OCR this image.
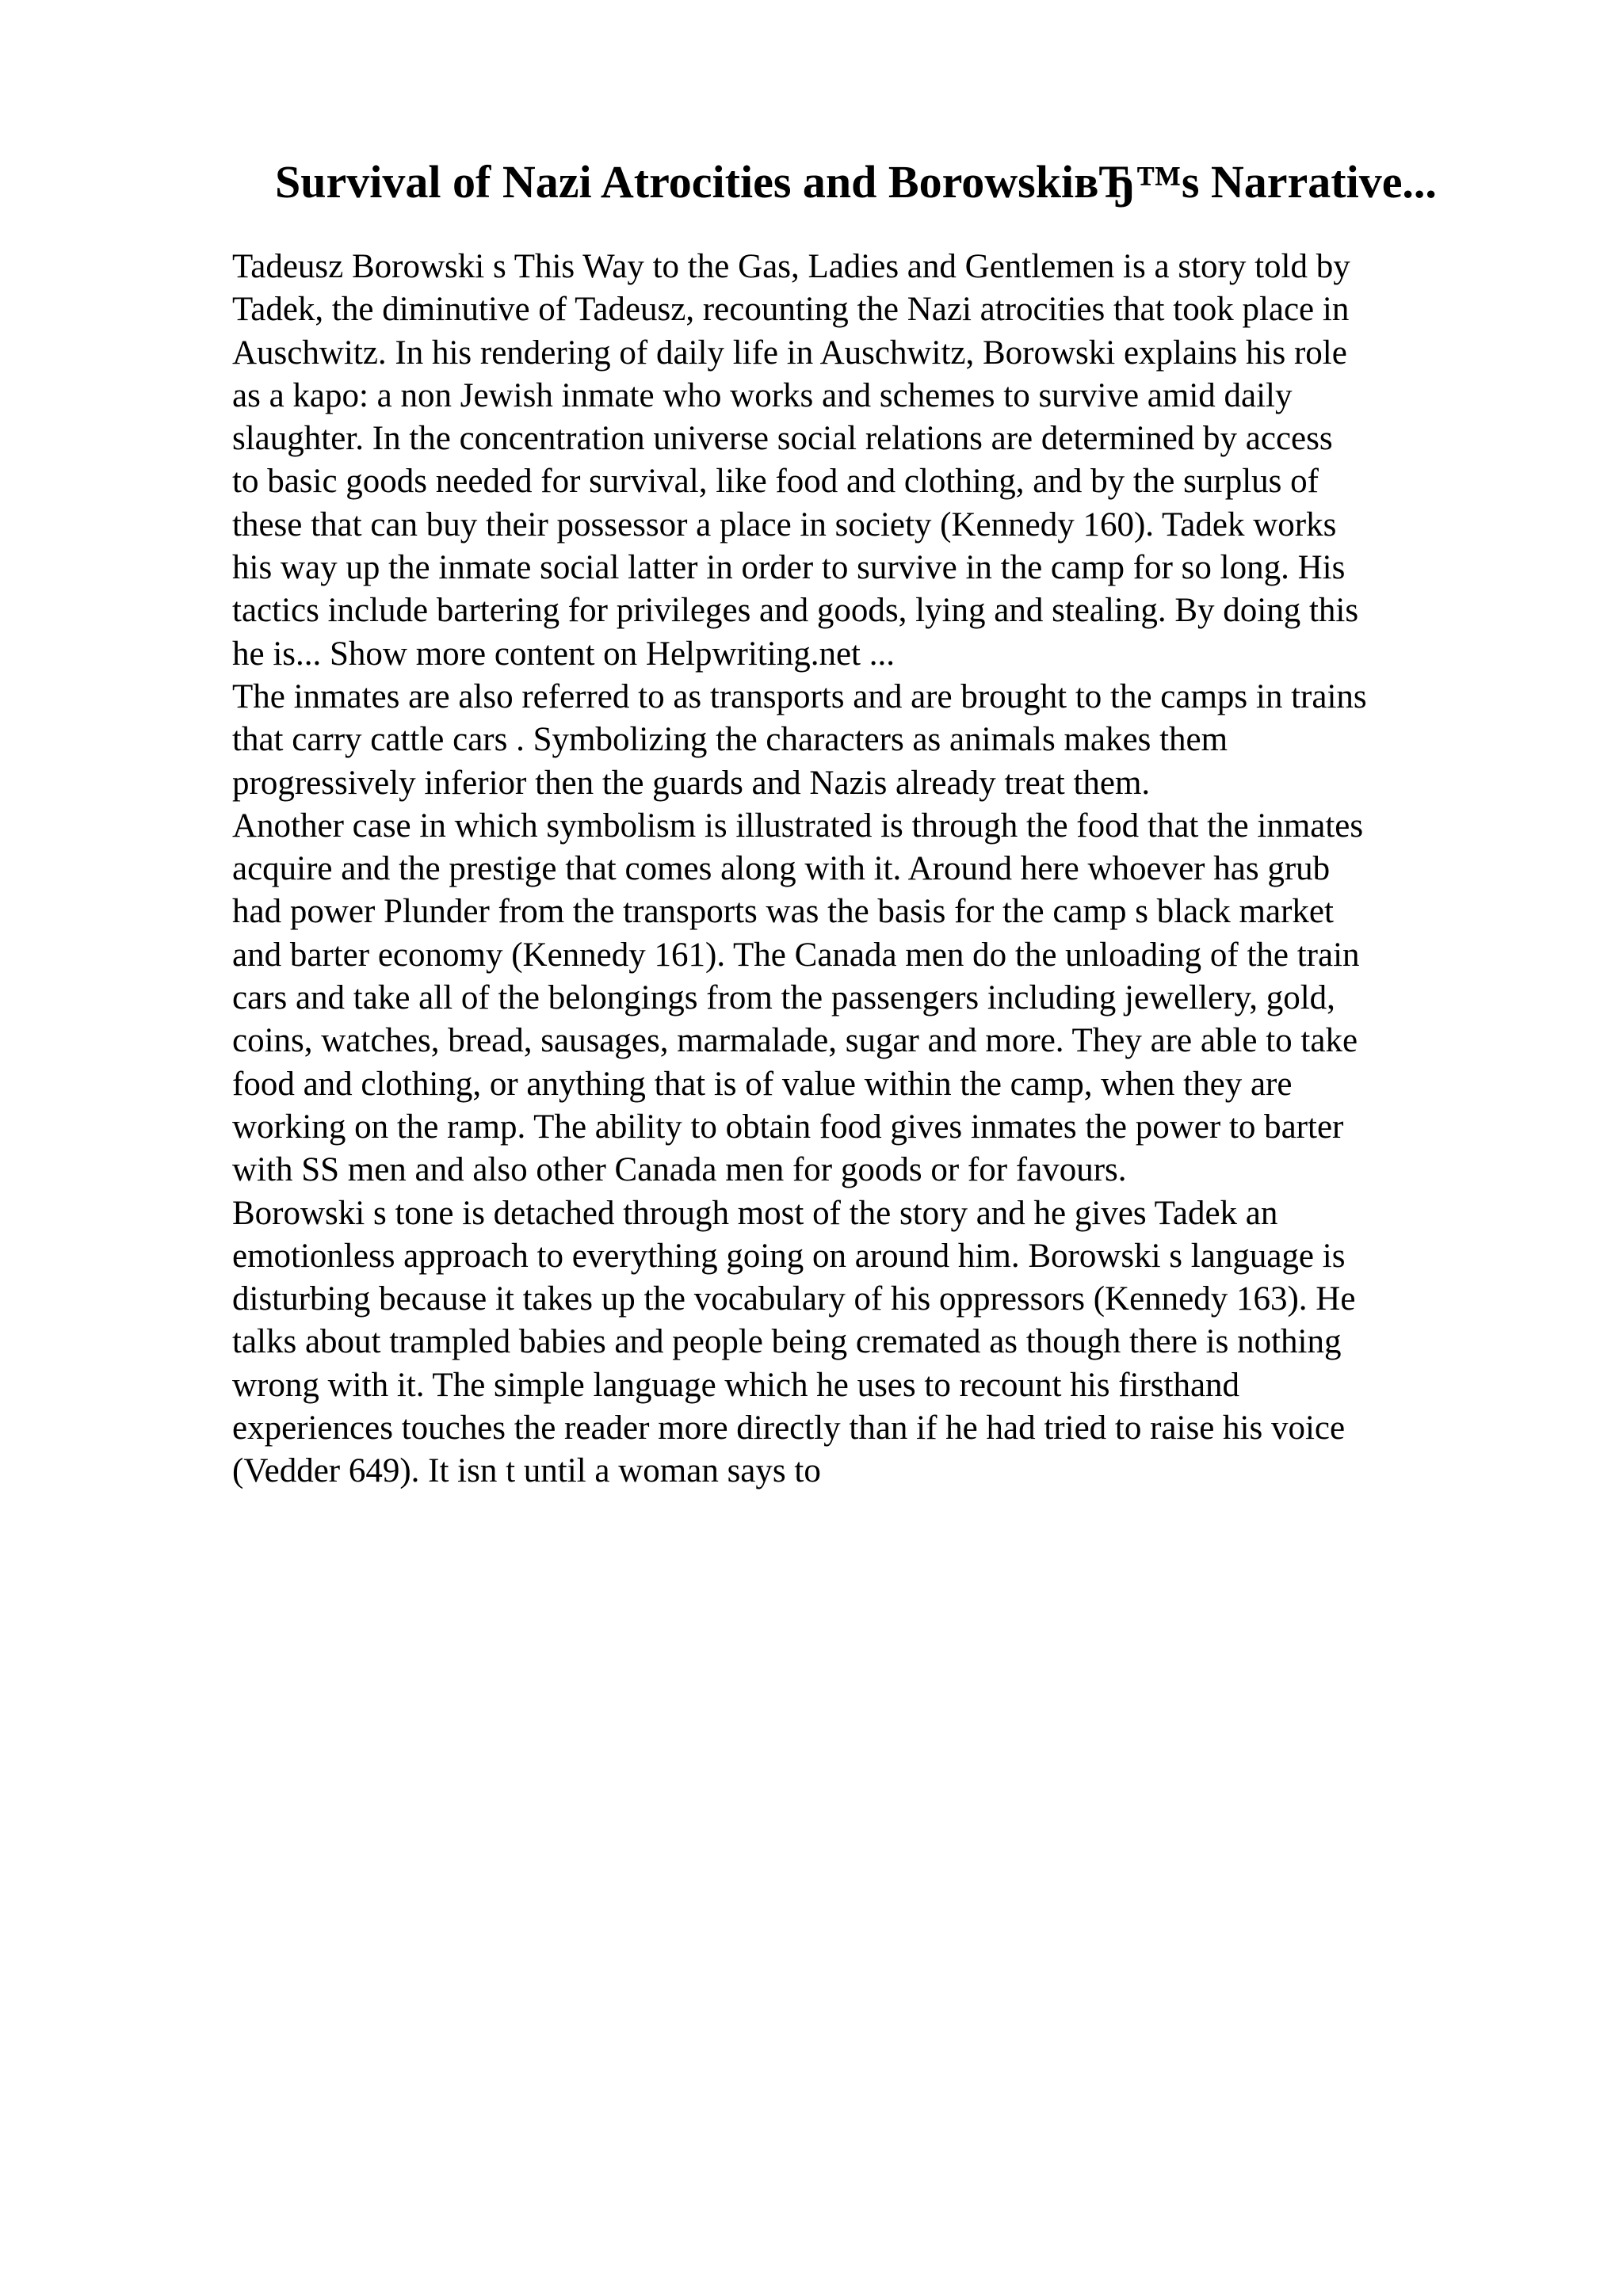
Survival of Nazi Atrocities and BorowskiвЂ™s Narrative...

Tadeusz Borowski s This Way to the Gas, Ladies and Gentlemen is a story told by
Tadek, the diminutive of Tadeusz, recounting the Nazi atrocities that took place in
Auschwitz. In his rendering of daily life in Auschwitz, Borowski explains his role
as a kapo: a non Jewish inmate who works and schemes to survive amid daily
slaughter. In the concentration universe social relations are determined by access
to basic goods needed for survival, like food and clothing, and by the surplus of
these that can buy their possessor a place in society (Kennedy 160). Tadek works
his way up the inmate social latter in order to survive in the camp for so long. His
tactics include bartering for privileges and goods, lying and stealing. By doing this
he is... Show more content on Helpwriting.net ...

The inmates are also referred to as transports and are brought to the camps in trains
that carry cattle cars . Symbolizing the characters as animals makes them
progressively inferior then the guards and Nazis already treat them.

Another case in which symbolism is illustrated is through the food that the inmates
acquire and the prestige that comes along with it. Around here whoever has grub
had power Plunder from the transports was the basis for the camp s black market
and barter economy (Kennedy 161). The Canada men do the unloading of the train
cars and take all of the belongings from the passengers including jewellery, gold,
coins, watches, bread, sausages, marmalade, sugar and more. They are able to take
food and clothing, or anything that is of value within the camp, when they are
working on the ramp. The ability to obtain food gives inmates the power to barter
with SS men and also other Canada men for goods or for favours.

Borowski s tone is detached through most of the story and he gives Tadek an
emotionless approach to everything going on around him. Borowski s language is
disturbing because it takes up the vocabulary of his oppressors (Kennedy 163). He
talks about trampled babies and people being cremated as though there is nothing
wrong with it. The simple language which he uses to recount his firsthand
experiences touches the reader more directly than if he had tried to raise his voice
(Vedder 649). It isn t until a woman says to
